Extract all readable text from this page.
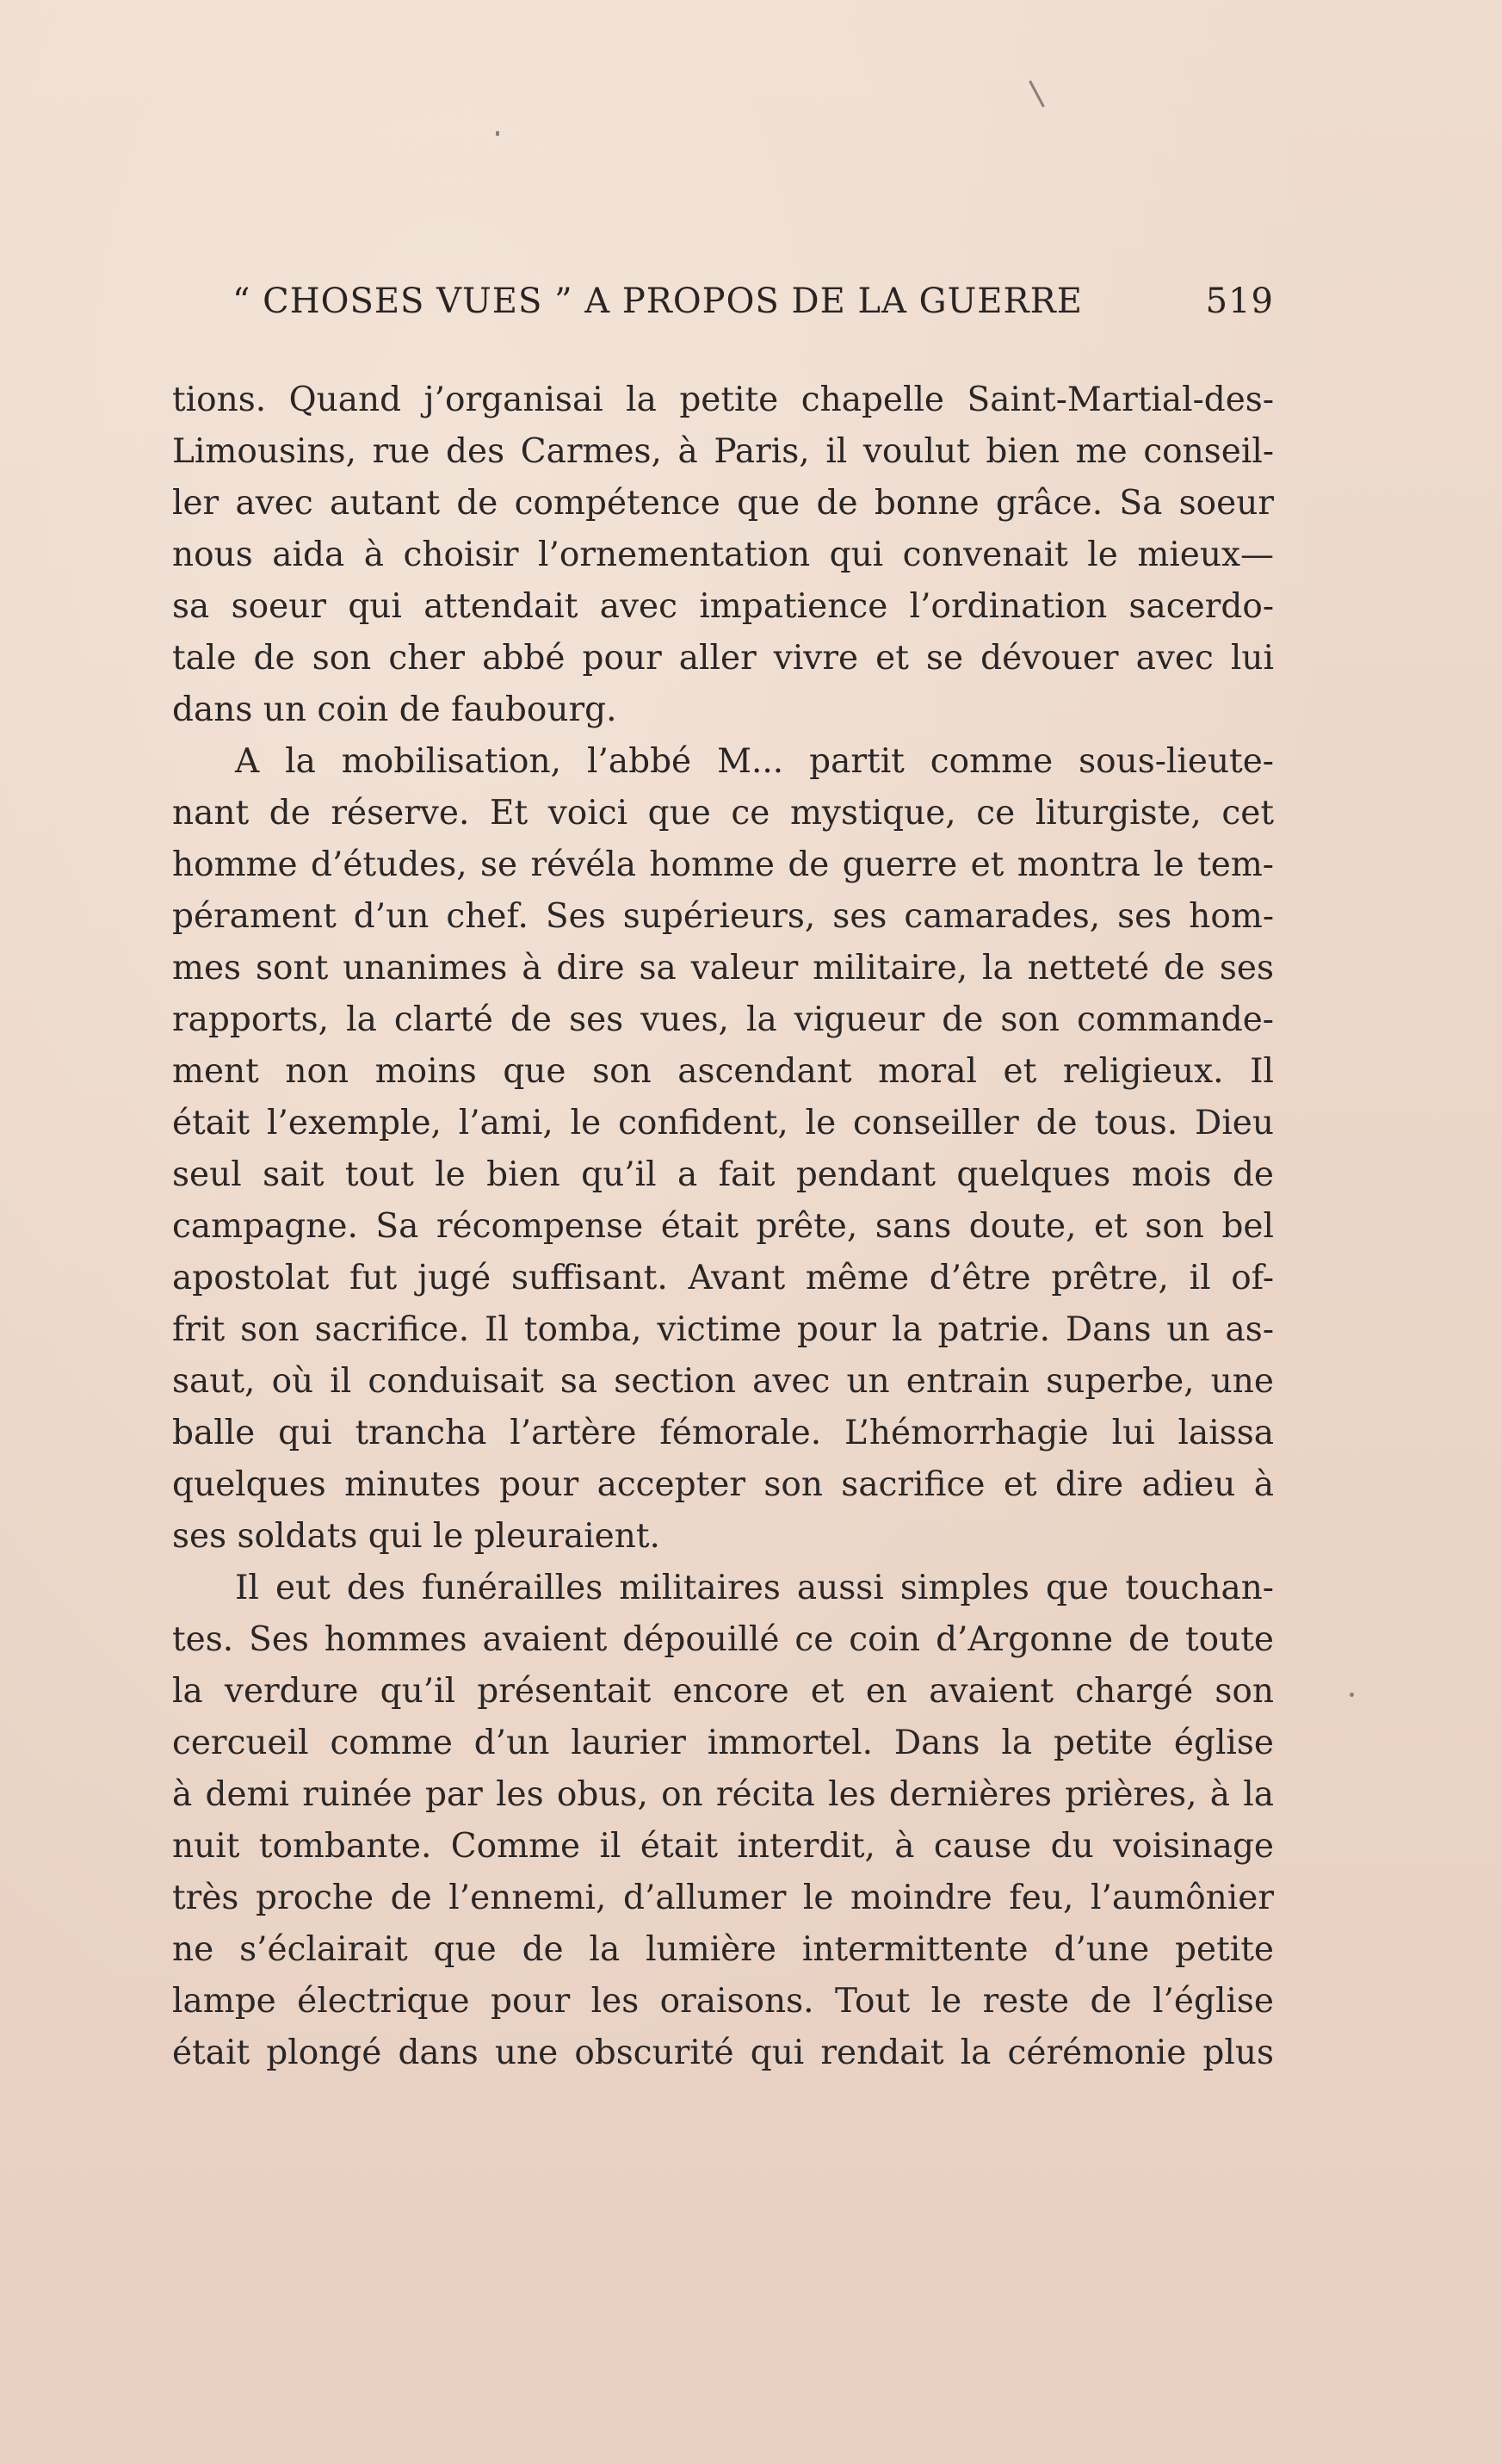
“ CHOSES VUES ” A PROPOS DE LA GUERRE	519
tions. Quand j’organisai la petite chapelle Saint-Martial-des-
Limousins, rue des Carmes, à Paris, il voulut bien me conseil-
ler avec autant de compétence que de bonne grâce. Sa soeur
nous aida à choisir l’ornementation qui convenait le mieux—
sa soeur qui attendait avec impatience l’ordination sacerdo-
tale de son cher abbé pour aller vivre et se dévouer avec lui
dans un coin de faubourg.
A la mobilisation, l’abbé M... partit comme sous-lieute-
nant de réserve. Et voici que ce mystique, ce liturgiste, cet
homme d’études, se révéla homme de guerre et montra le tem-
pérament d’un chef. Ses supérieurs, ses camarades, ses hom-
mes sont unanimes à dire sa valeur militaire, la netteté de ses
rapports, la clarté de ses vues, la vigueur de son commande-
ment non moins que son ascendant moral et religieux. Il
était l’exemple, l’ami, le confident, le conseiller de tous. Dieu
seul sait tout le bien qu’il a fait pendant quelques mois de
campagne. Sa récompense était prête, sans doute, et son bel
apostolat fut jugé suffisant. Avant même d’être prêtre, il of-
frit son sacrifice. Il tomba, victime pour la patrie. Dans un as-
saut, où il conduisait sa section avec un entrain superbe, une
balle qui trancha l’artère fémorale. L’hémorrhagie lui laissa
quelques minutes pour accepter son sacrifice et dire adieu à
ses soldats qui le pleuraient.
Il eut des funérailles militaires aussi simples que touchan-
tes. Ses hommes avaient dépouillé ce coin d’Argonne de toute
la verdure qu’il présentait encore et en avaient chargé son
cercueil comme d’un laurier immortel. Dans la petite église
à demi ruinée par les obus, on récita les dernières prières, à la
nuit tombante. Comme il était interdit, à cause du voisinage
très proche de l’ennemi, d’allumer le moindre feu, l’aumônier
ne s’éclairait que de la lumière intermittente d’une petite
lampe électrique pour les oraisons. Tout le reste de l’église
était plongé dans une obscurité qui rendait la cérémonie plus
